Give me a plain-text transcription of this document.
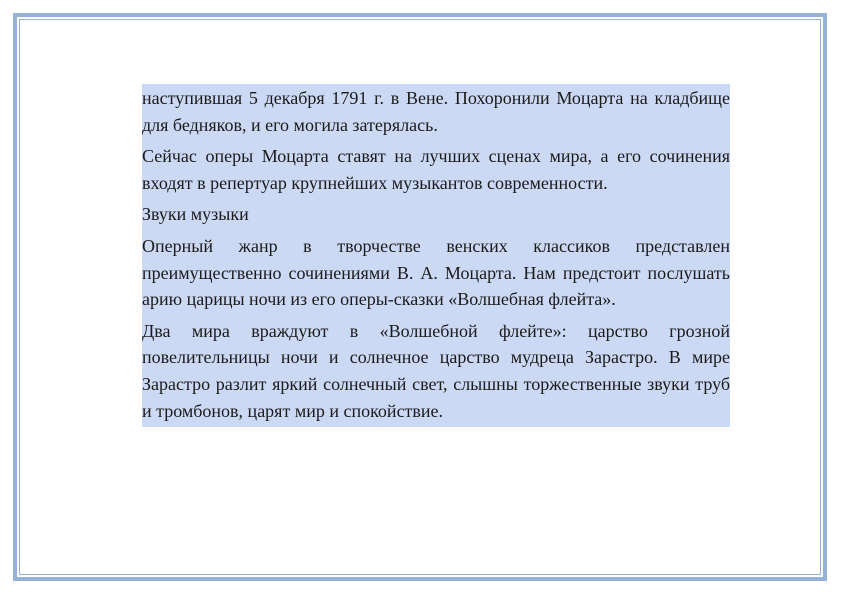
наступившая 5 декабря 1791 г. в Вене. Похоронили Моцарта на кладбище для бедняков, и его могила затерялась.

Сейчас оперы Моцарта ставят на лучших сценах мира, а его сочинения входят в репертуар крупнейших музыкантов современности.

Звуки музыки

Оперный жанр в творчестве венских классиков представлен преимущественно сочинениями В. А. Моцарта. Нам предстоит послушать арию царицы ночи из его оперы-сказки «Волшебная флейта».

Два мира враждуют в «Волшебной флейте»: царство грозной повелительницы ночи и солнечное царство мудреца Зарастро. В мире Зарастро разлит яркий солнечный свет, слышны торжественные звуки труб и тромбонов, царят мир и спокойствие.
